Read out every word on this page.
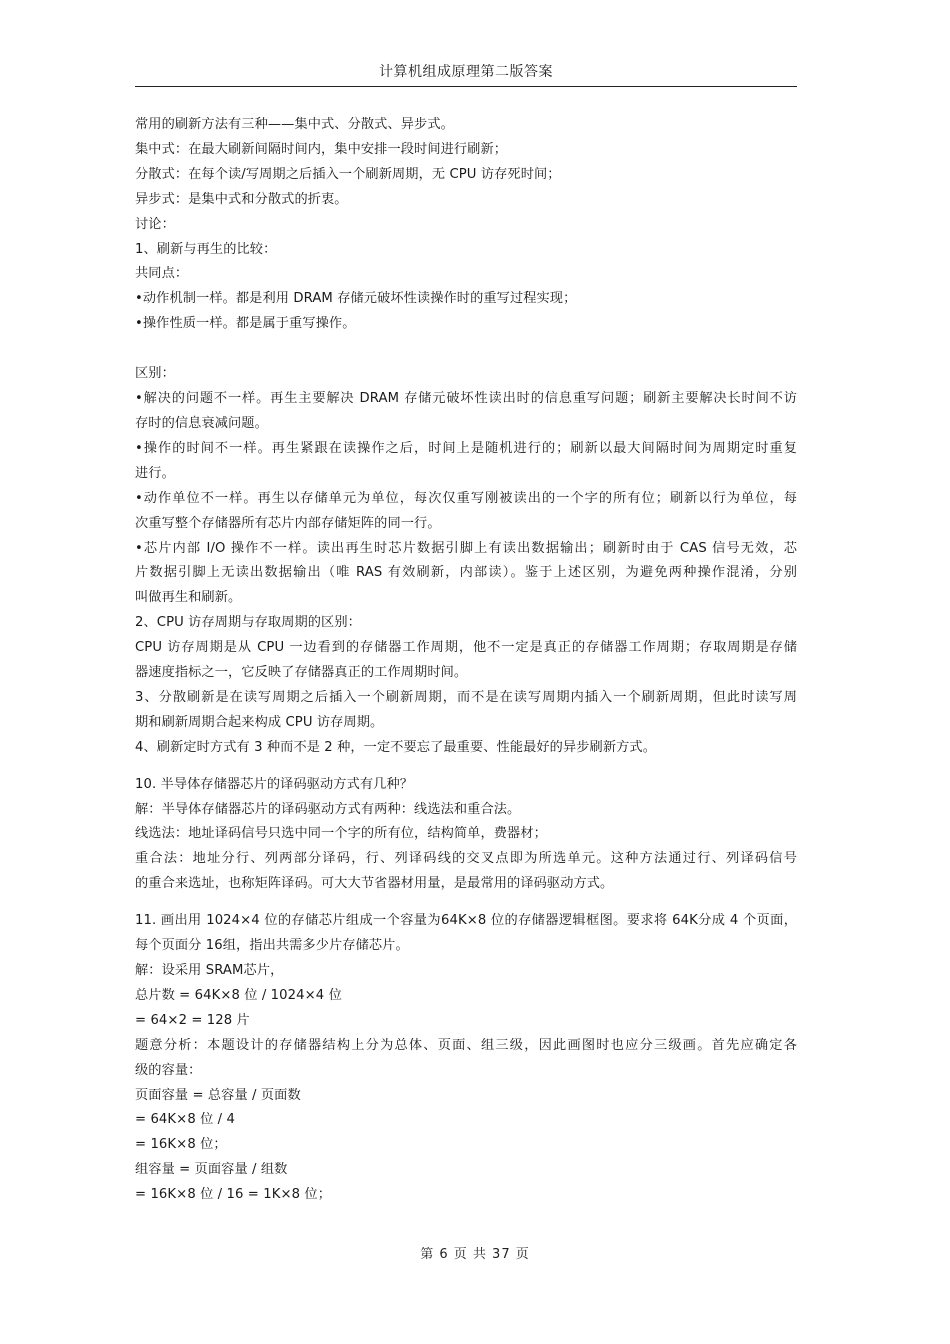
计算机组成原理第二版答案
常用的刷新方法有三种——集中式、分散式、异步式。
集中式：在最大刷新间隔时间内，集中安排一段时间进行刷新；
分散式：在每个读/写周期之后插入一个刷新周期，无 CPU 访存死时间；
异步式：是集中式和分散式的折衷。
讨论：
1、刷新与再生的比较：
共同点：
•动作机制一样。都是利用 DRAM 存储元破坏性读操作时的重写过程实现；
•操作性质一样。都是属于重写操作。
区别：
•解决的问题不一样。再生主要解决 DRAM 存储元破坏性读出时的信息重写问题；刷新主要解决长时间不访
存时的信息衰减问题。
•操作的时间不一样。再生紧跟在读操作之后，时间上是随机进行的；刷新以最大间隔时间为周期定时重复
进行。
•动作单位不一样。再生以存储单元为单位，每次仅重写刚被读出的一个字的所有位；刷新以行为单位，每
次重写整个存储器所有芯片内部存储矩阵的同一行。
•芯片内部 I/O 操作不一样。读出再生时芯片数据引脚上有读出数据输出；刷新时由于 CAS 信号无效，芯
片数据引脚上无读出数据输出（唯 RAS 有效刷新，内部读）。鉴于上述区别，为避免两种操作混淆，分别
叫做再生和刷新。
2、CPU 访存周期与存取周期的区别：
CPU 访存周期是从 CPU 一边看到的存储器工作周期，他不一定是真正的存储器工作周期；存取周期是存储
器速度指标之一，它反映了存储器真正的工作周期时间。
3、分散刷新是在读写周期之后插入一个刷新周期，而不是在读写周期内插入一个刷新周期，但此时读写周
期和刷新周期合起来构成 CPU 访存周期。
4、刷新定时方式有 3 种而不是 2 种，一定不要忘了最重要、性能最好的异步刷新方式。
10. 半导体存储器芯片的译码驱动方式有几种？
解：半导体存储器芯片的译码驱动方式有两种：线选法和重合法。
线选法：地址译码信号只选中同一个字的所有位，结构简单，费器材；
重合法：地址分行、列两部分译码，行、列译码线的交叉点即为所选单元。这种方法通过行、列译码信号
的重合来选址，也称矩阵译码。可大大节省器材用量，是最常用的译码驱动方式。
11. 画出用 1024×4 位的存储芯片组成一个容量为64K×8 位的存储器逻辑框图。要求将 64K分成 4 个页面，
每个页面分 16组，指出共需多少片存储芯片。
解：设采用 SRAM芯片，
总片数 = 64K×8 位 / 1024×4 位
= 64×2 = 128 片
题意分析：本题设计的存储器结构上分为总体、页面、组三级，因此画图时也应分三级画。首先应确定各
级的容量：
页面容量 = 总容量 / 页面数
= 64K×8 位 / 4
= 16K×8 位；
组容量 = 页面容量 / 组数
= 16K×8 位 / 16 = 1K×8 位；
第 6 页 共 37 页
